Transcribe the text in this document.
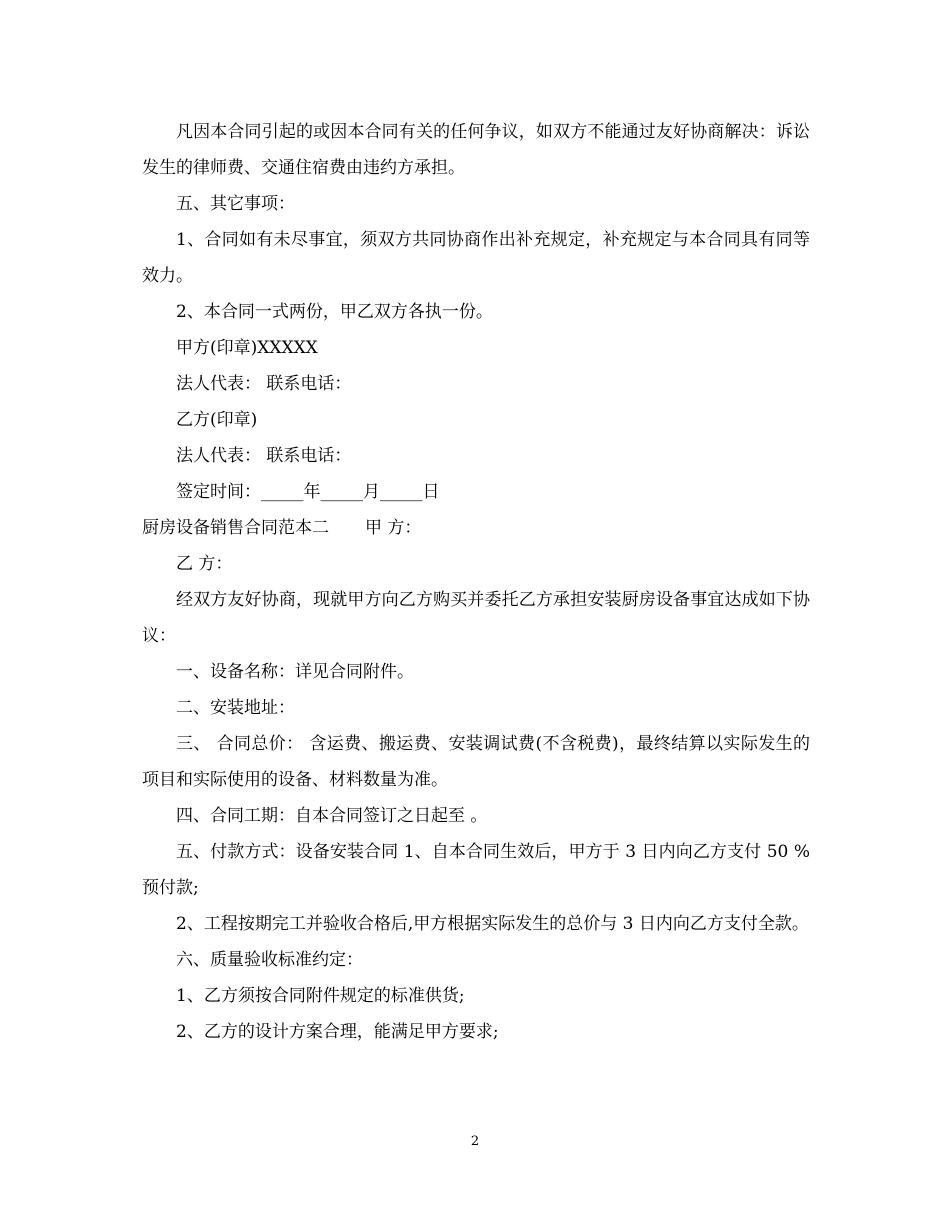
凡因本合同引起的或因本合同有关的任何争议，如双方不能通过友好协商解决：诉讼发生的律师费、交通住宿费由违约方承担。

五、其它事项：

1、合同如有未尽事宜，须双方共同协商作出补充规定，补充规定与本合同具有同等效力。

2、本合同一式两份，甲乙双方各执一份。

甲方(印章)XXXXX

法人代表： 联系电话：

乙方(印章)

法人代表： 联系电话：

签定时间：_____年_____月_____日

厨房设备销售合同范本二 甲 方：

乙 方：

经双方友好协商，现就甲方向乙方购买并委托乙方承担安装厨房设备事宜达成如下协议：

一、设备名称：详见合同附件。

二、安装地址：

三、 合同总价： 含运费、搬运费、安装调试费(不含税费)，最终结算以实际发生的项目和实际使用的设备、材料数量为准。

四、合同工期：自本合同签订之日起至 。

五、付款方式：设备安装合同 1、自本合同生效后，甲方于 3 日内向乙方支付 50 %预付款;

2、工程按期完工并验收合格后,甲方根据实际发生的总价与 3 日内向乙方支付全款。

六、质量验收标准约定：

1、乙方须按合同附件规定的标准供货;

2、乙方的设计方案合理，能满足甲方要求;

2
